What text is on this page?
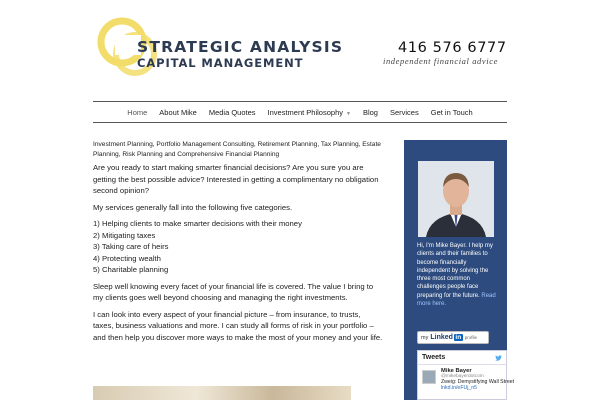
STRATEGIC ANALYSIS
CAPITAL MANAGEMENT
416 576 6777
independent financial advice
Home	About Mike	Media Quotes	Investment Philosophy ▼	Blog	Services	Get in Touch
Investment Planning, Portfolio Management Consulting, Retirement Planning, Tax Planning, Estate Planning, Risk Planning and Comprehensive Financial Planning
Are you ready to start making smarter financial decisions? Are you sure you are getting the best possible advice? Interested in getting a complimentary no obligation second opinion?
My services generally fall into the following five categories.
1) Helping clients to make smarter decisions with their money
2) Mitigating taxes
3) Taking care of heirs
4) Protecting wealth
5) Charitable planning
Sleep well knowing every facet of your financial life is covered. The value I bring to my clients goes well beyond choosing and managing the right investments.
I can look into every aspect of your financial picture – from insurance, to trusts, taxes, business valuations and more. I can study all forms of risk in your portfolio – and then help you discover more ways to make the most of your money and your life.
Hi, I'm Mike Bayer. I help my clients and their families to become financially independent by solving the three most common challenges people face preparing for the future. Read more here.
my Linked in profile
Tweets
Mike Bayer
@mikebayerdotcom
Zweig: Demystifying Wall Street
lnkd.in/eFUj_n5
